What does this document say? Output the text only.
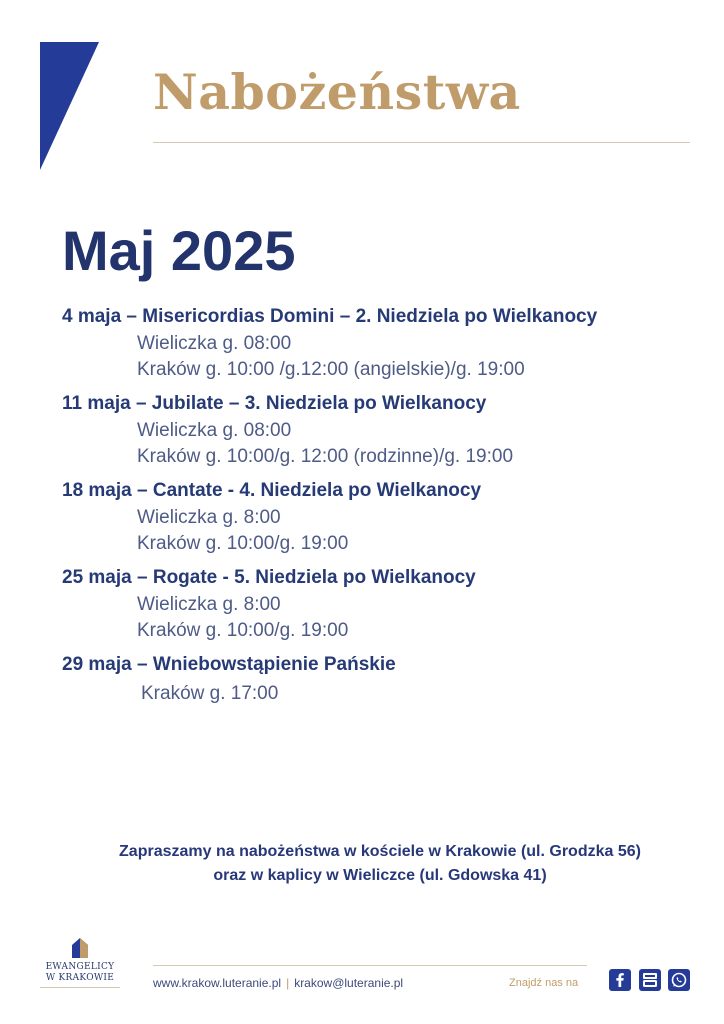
Nabożeństwa
Maj 2025
4 maja – Misericordias Domini – 2. Niedziela po Wielkanocy
Wieliczka g. 08:00
Kraków g. 10:00 /g.12:00 (angielskie)/g. 19:00
11 maja – Jubilate – 3. Niedziela po Wielkanocy
Wieliczka g. 08:00
Kraków g. 10:00/g. 12:00 (rodzinne)/g. 19:00
18 maja – Cantate - 4. Niedziela po Wielkanocy
Wieliczka g. 8:00
Kraków g. 10:00/g. 19:00
25 maja – Rogate - 5. Niedziela po Wielkanocy
Wieliczka g. 8:00
Kraków g. 10:00/g. 19:00
29 maja – Wniebowstąpienie Pańskie
Kraków g. 17:00
Zapraszamy na nabożeństwa w kościele w Krakowie (ul. Grodzka 56)
oraz w kaplicy w Wieliczce (ul. Gdowska 41)
EWANGELICY
W KRAKOWIE	www.krakow.luteranie.pl | krakow@luteranie.pl	Znajdź nas na
